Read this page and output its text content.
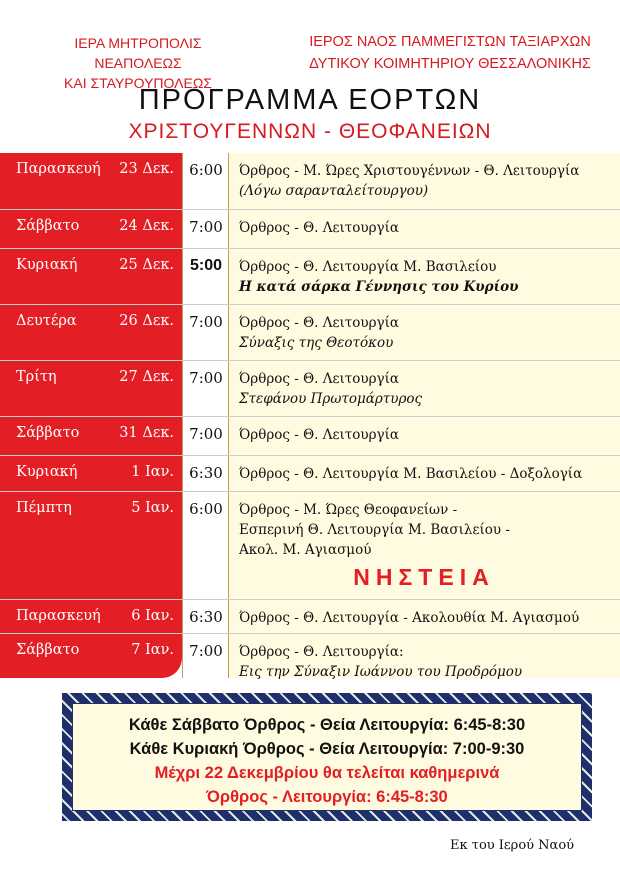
ΙΕΡΑ ΜΗΤΡΟΠΟΛΙΣ ΝΕΑΠΟΛΕΩΣ
ΚΑΙ ΣΤΑΥΡΟΥΠΟΛΕΩΣ
ΙΕΡΟΣ ΝΑΟΣ ΠΑΜΜΕΓΙΣΤΩΝ ΤΑΞΙΑΡΧΩΝ
ΔΥΤΙΚΟΥ ΚΟΙΜΗΤΗΡΙΟΥ ΘΕΣΣΑΛΟΝΙΚΗΣ
ΠΡΟΓΡΑΜΜΑ ΕΟΡΤΩΝ
ΧΡΙΣΤΟΥΓΕΝΝΩΝ - ΘΕΟΦΑΝΕΙΩΝ
Παρασκευή	23 Δεκ. 6:00 Όρθρος - Μ. Ώρες Χριστουγέννων - Θ. Λειτουργία
(Λόγω σαρανταλείτουργου)
Σάββατο	24 Δεκ. 7:00 Όρθρος - Θ. Λειτουργία
Κυριακή	25 Δεκ. 5:00 Όρθρος - Θ. Λειτουργία Μ. Βασιλείου
Η κατά σάρκα Γέννησις του Κυρίου
Δευτέρα	26 Δεκ. 7:00 Όρθρος - Θ. Λειτουργία
Σύναξις της Θεοτόκου
Τρίτη	27 Δεκ. 7:00 Όρθρος - Θ. Λειτουργία
Στεφάνου Πρωτομάρτυρος
Σάββατο	31 Δεκ. 7:00 Όρθρος - Θ. Λειτουργία
Κυριακή	1 Ιαν. 6:30 Όρθρος - Θ. Λειτουργία Μ. Βασιλείου - Δοξολογία
Πέμπτη	5 Ιαν. 6:00 Όρθρος - Μ. Ώρες Θεοφανείων -
Εσπερινή Θ. Λειτουργία Μ. Βασιλείου -
Ακολ. Μ. Αγιασμού
ΝΗΣΤΕΙΑ
Παρασκευή	6 Ιαν. 6:30 Όρθρος - Θ. Λειτουργία - Ακολουθία Μ. Αγιασμού
Σάββατο	7 Ιαν. 7:00 Όρθρος - Θ. Λειτουργία:
Εις την Σύναξιν Ιωάννου του Προδρόμου
Κάθε Σάββατο Όρθρος - Θεία Λειτουργία: 6:45-8:30
Κάθε Κυριακή Όρθρος - Θεία Λειτουργία: 7:00-9:30
Μέχρι 22 Δεκεμβρίου θα τελείται καθημερινά
Όρθρος - Λειτουργία: 6:45-8:30
Εκ του Ιερού Ναού
